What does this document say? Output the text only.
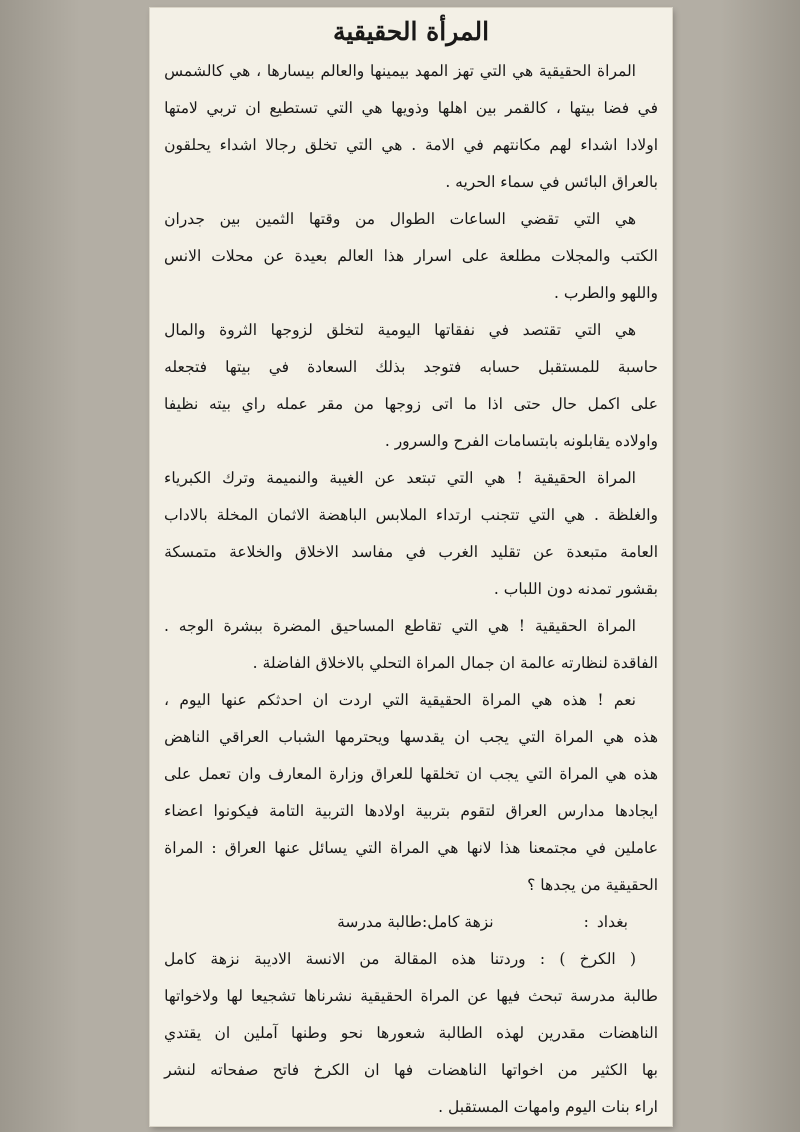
المرأة الحقيقية
المراة
الحقيقية
هي
التي
تهز
المهد
بيمينها
والعالم
بيسارها
،
هي
كالشمس
في
فضا
بيتها
،
كالقمر
بين
اهلها
وذويها
هي
التي
تستطيع
ان
تربي
لامتها
اولادا
اشداء
لهم
مكانتهم
في
الامة
.
هي
التي
تخلق
رجالا
اشداء
يحلقون
بالعراق البائس في سماء الحريه .
هي
التي
تقضي
الساعات
الطوال
من
وقتها
الثمين
بين
جدران
الكتب
والمجلات
مطلعة
على
اسرار
هذا
العالم
بعيدة
عن
محلات
الانس
واللهو والطرب .
هي
التي
تقتصد
في
نفقاتها
اليومية
لتخلق
لزوجها
الثروة
والمال
حاسبة
للمستقبل
حسابه
فتوجد
بذلك
السعادة
في
بيتها
فتجعله
على
اكمل
حال
حتى
اذا
ما
اتى
زوجها
من
مقر
عمله
راي
بيته
نظيفا
واولاده يقابلونه بابتسامات الفرح والسرور .
المراة
الحقيقية
!
هي
التي
تبتعد
عن
الغيبة
والنميمة
وترك
الكبرياء
والغلظة
.
هي
التي
تتجنب
ارتداء
الملابس
الباهضة
الاثمان
المخلة
بالاداب
العامة
متبعدة
عن
تقليد
الغرب
في
مفاسد
الاخلاق
والخلاعة
متمسكة
بقشور تمدنه دون اللباب .
المراة
الحقيقية
!
هي
التي
تقاطع
المساحيق
المضرة
ببشرة
الوجه
.
الفاقدة لنظارته عالمة ان جمال المراة التحلي بالاخلاق الفاضلة .
نعم
!
هذه
هي
المراة
الحقيقية
التي
اردت
ان
احدثكم
عنها
اليوم
،
هذه
هي
المراة
التي
يجب
ان
يقدسها
ويحترمها
الشباب
العراقي
الناهض
هذه
هي
المراة
التي
يجب
ان
تخلقها
للعراق
وزارة
المعارف
وان
تعمل
على
ايجادها
مدارس
العراق
لتقوم
بتربية
اولادها
التربية
التامة
فيكونوا
اعضاء
عاملين
في
مجتمعنا
هذا
لانها
هي
المراة
التي
يسائل
عنها
العراق
:
المراة
الحقيقية من يجدها ؟
بغداد
:
نزهة كامل:طالبة مدرسة
(
الكرخ
)
:
وردتنا
هذه
المقالة
من
الانسة
الاديبة
نزهة
كامل
طالبة
مدرسة
تبحث
فيها
عن
المراة
الحقيقية
نشرناها
تشجيعا
لها
ولاخواتها
الناهضات
مقدرين
لهذه
الطالبة
شعورها
نحو
وطنها
آملين
ان
يقتدي
بها
الكثير
من
اخواتها
الناهضات
فها
ان
الكرخ
فاتح
صفحاته
لنشر
اراء بنات اليوم وامهات المستقبل .
